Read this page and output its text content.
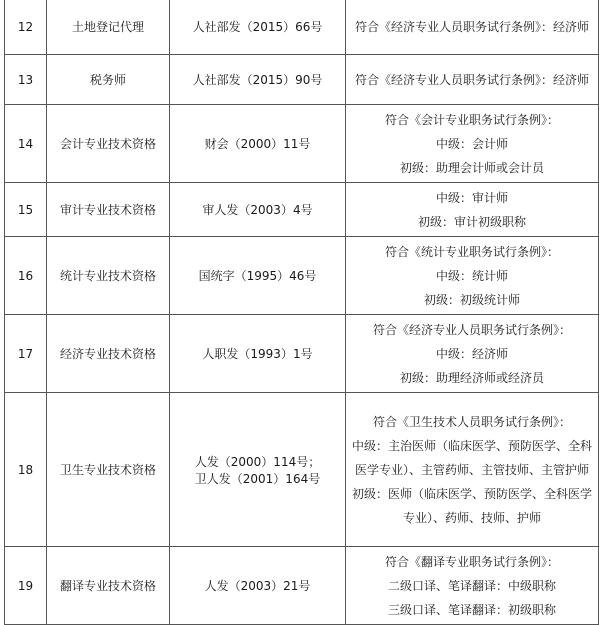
12	土地登记代理	人社部发（2015）66号	符合《经济专业人员职务试行条例》：经济师

13	税务师	人社部发（2015）90号	符合《经济专业人员职务试行条例》：经济师

14	会计专业技术资格	财会（2000）11号	符合《会计专业职务试行条例》：
中级：会计师
初级：助理会计师或会计员

15	审计专业技术资格	审人发（2003）4号	中级：审计师
初级：审计初级职称

16	统计专业技术资格	国统字（1995）46号	符合《统计专业职务试行条例》：
中级：统计师
初级：初级统计师

17	经济专业技术资格	人职发（1993）1号	符合《经济专业人员职务试行条例》：
中级：经济师
初级：助理经济师或经济员

18	卫生专业技术资格	人发（2000）114号；
卫人发（2001）164号	符合《卫生技术人员职务试行条例》：
中级：主治医师（临床医学、预防医学、全科医学专业）、主管药师、主管技师、主管护师
初级：医师（临床医学、预防医学、全科医学专业）、药师、技师、护师

19	翻译专业技术资格	人发（2003）21号	符合《翻译专业职务试行条例》：
二级口译、笔译翻译：中级职称
三级口译、笔译翻译：初级职称
